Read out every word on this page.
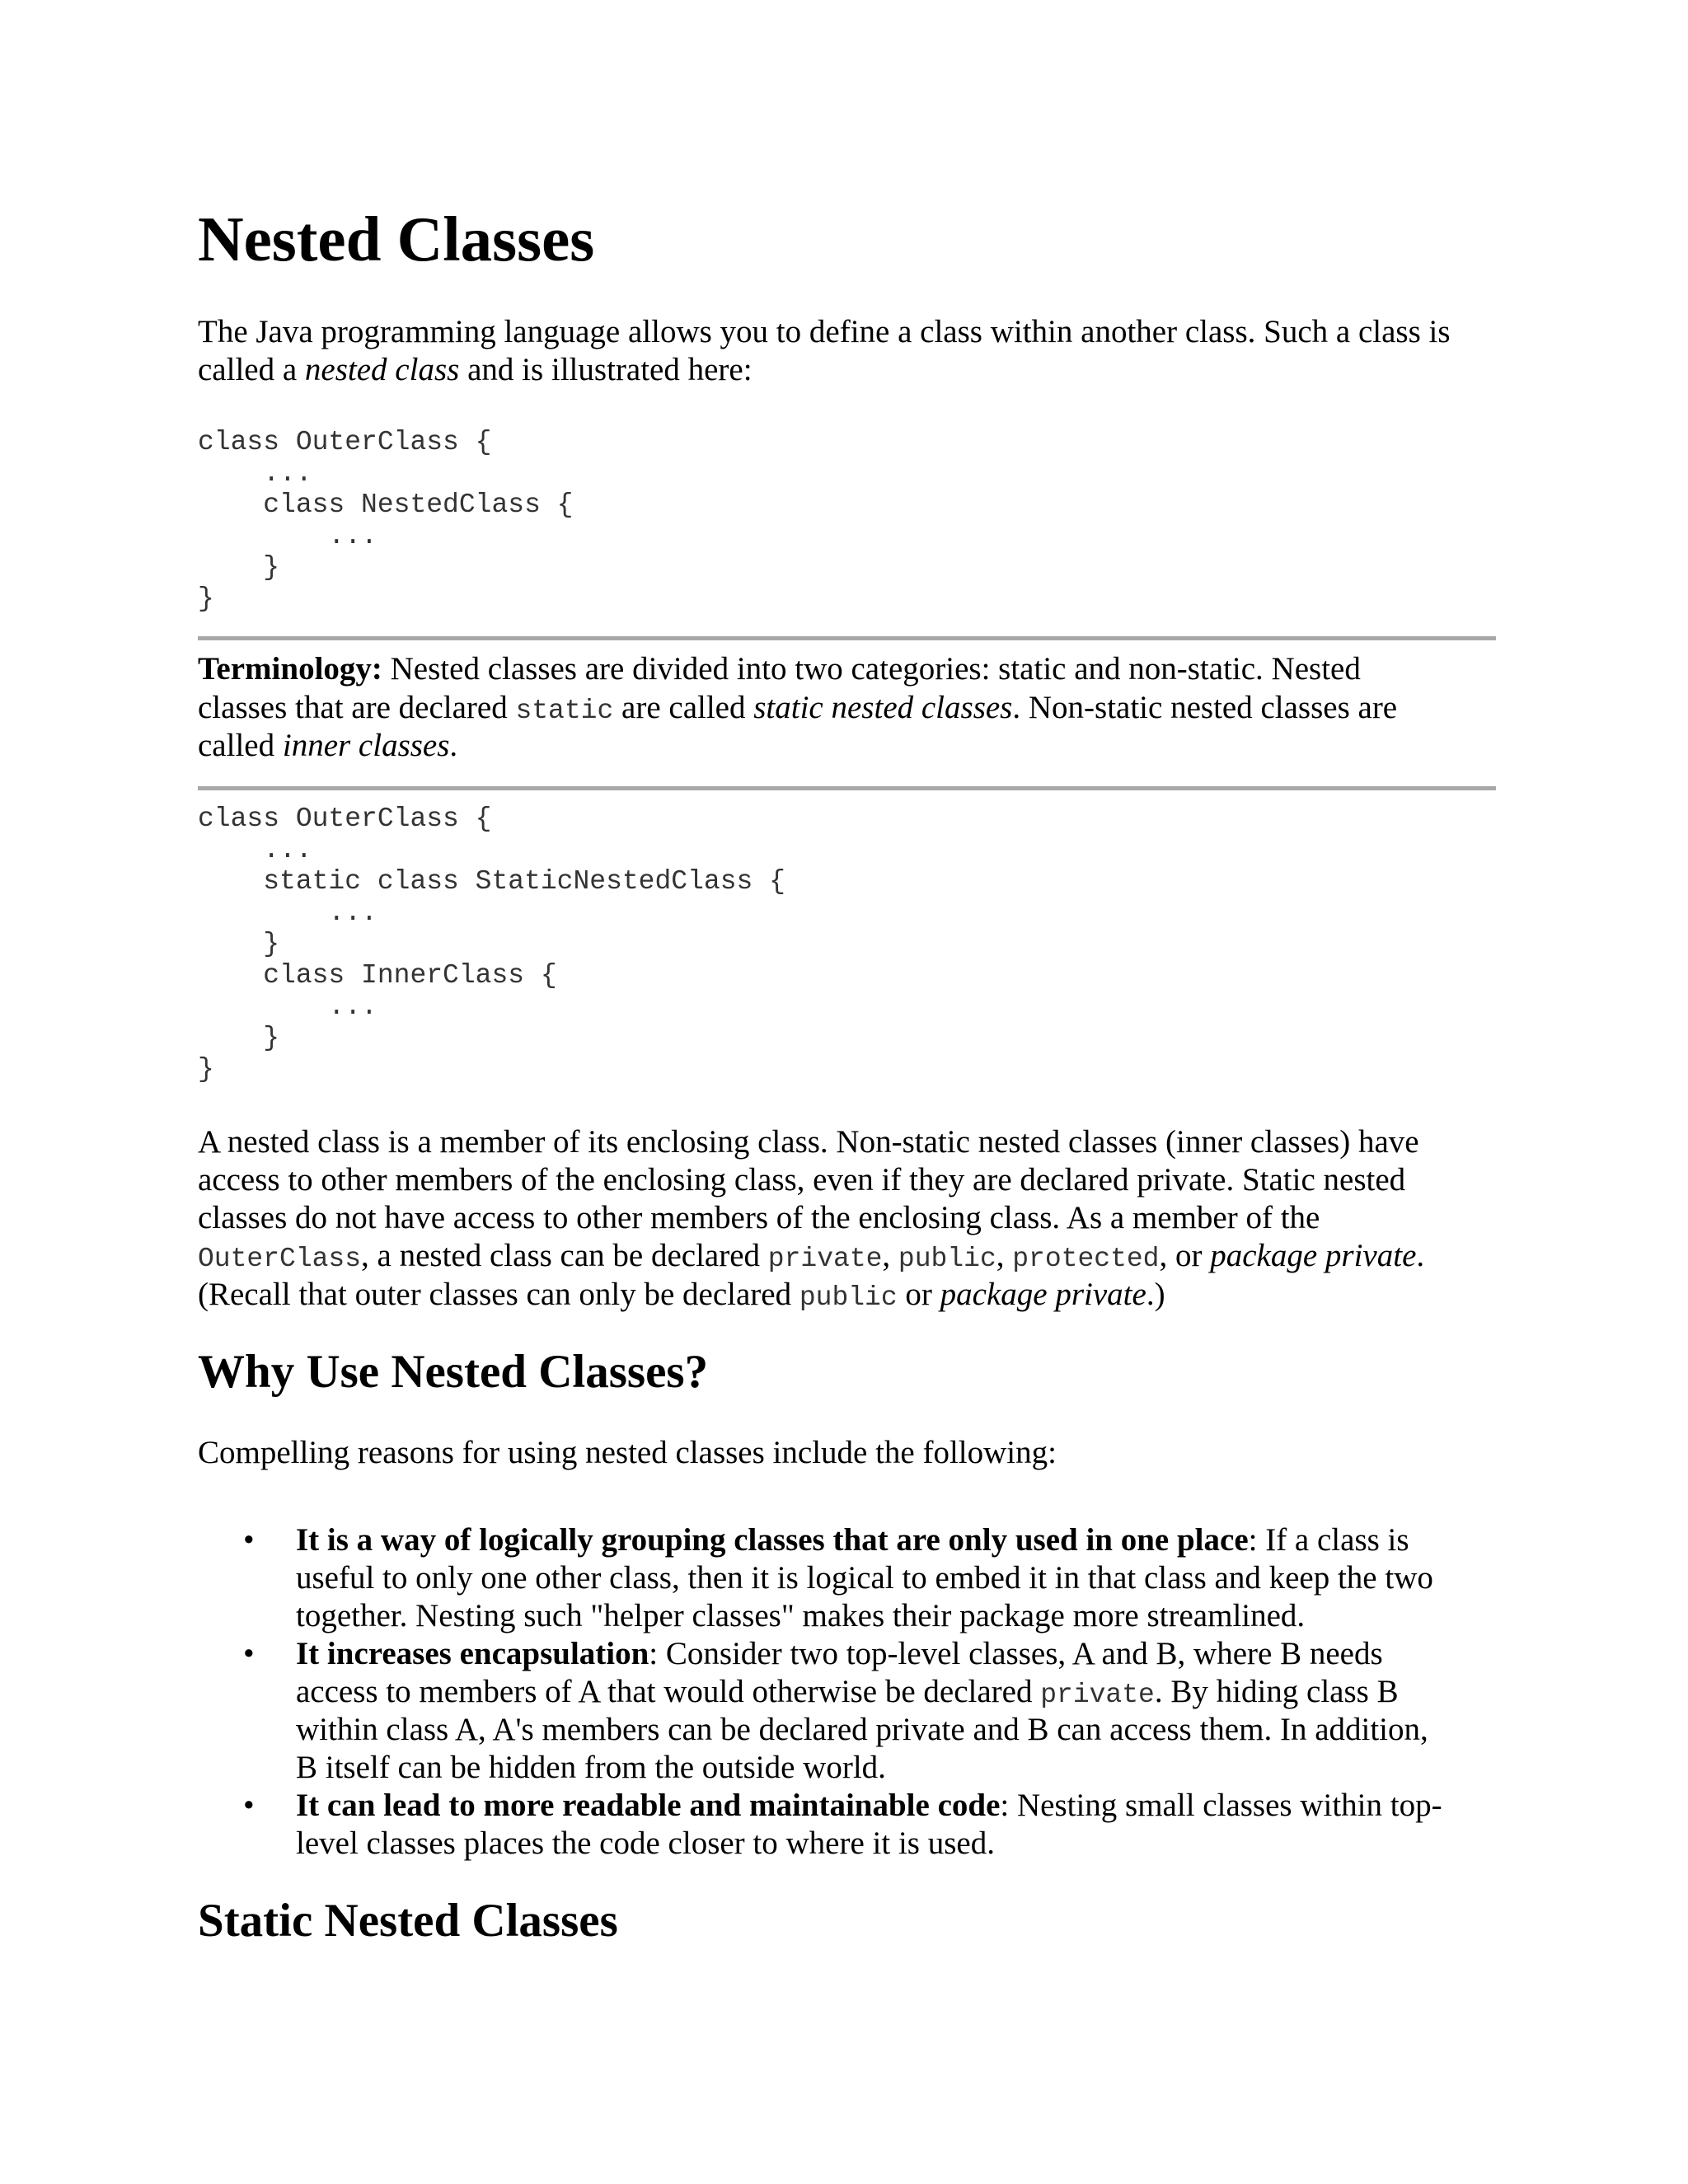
Nested Classes
The Java programming language allows you to define a class within another class. Such a class is
called a nested class and is illustrated here:
class OuterClass {
...
class NestedClass {
...
}
}
Terminology: Nested classes are divided into two categories: static and non-static. Nested
classes that are declared static are called static nested classes. Non-static nested classes are
called inner classes.
class OuterClass {
...
static class StaticNestedClass {
...
}
class InnerClass {
...
}
}
A nested class is a member of its enclosing class. Non-static nested classes (inner classes) have
access to other members of the enclosing class, even if they are declared private. Static nested
classes do not have access to other members of the enclosing class. As a member of the
OuterClass, a nested class can be declared private, public, protected, or package private.
(Recall that outer classes can only be declared public or package private.)
Why Use Nested Classes?
Compelling reasons for using nested classes include the following:
• It is a way of logically grouping classes that are only used in one place: If a class is
useful to only one other class, then it is logical to embed it in that class and keep the two
together. Nesting such "helper classes" makes their package more streamlined.
• It increases encapsulation: Consider two top-level classes, A and B, where B needs
access to members of A that would otherwise be declared private. By hiding class B
within class A, A's members can be declared private and B can access them. In addition,
B itself can be hidden from the outside world.
• It can lead to more readable and maintainable code: Nesting small classes within top-
level classes places the code closer to where it is used.
Static Nested Classes
